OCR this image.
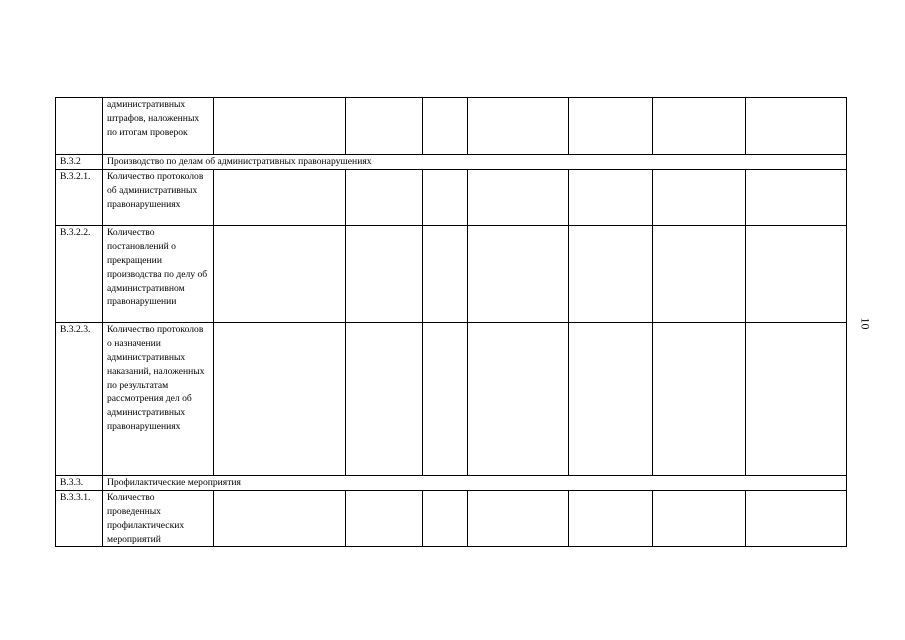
	административных штрафов, наложенных по итогам проверок							
В.3.2	Производство по делам об административных правонарушениях							
В.3.2.1.	Количество протоколов об административных правонарушениях							
В.3.2.2.	Количество постановлений о прекращении производства по делу об административном правонарушении							
В.3.2.3.	Количество протоколов о назначении административных наказаний, наложенных по результатам рассмотрения дел об административных правонарушениях							
В.3.3.	Профилактические мероприятия							
В.3.3.1.	Количество проведенных профилактических мероприятий							
10
